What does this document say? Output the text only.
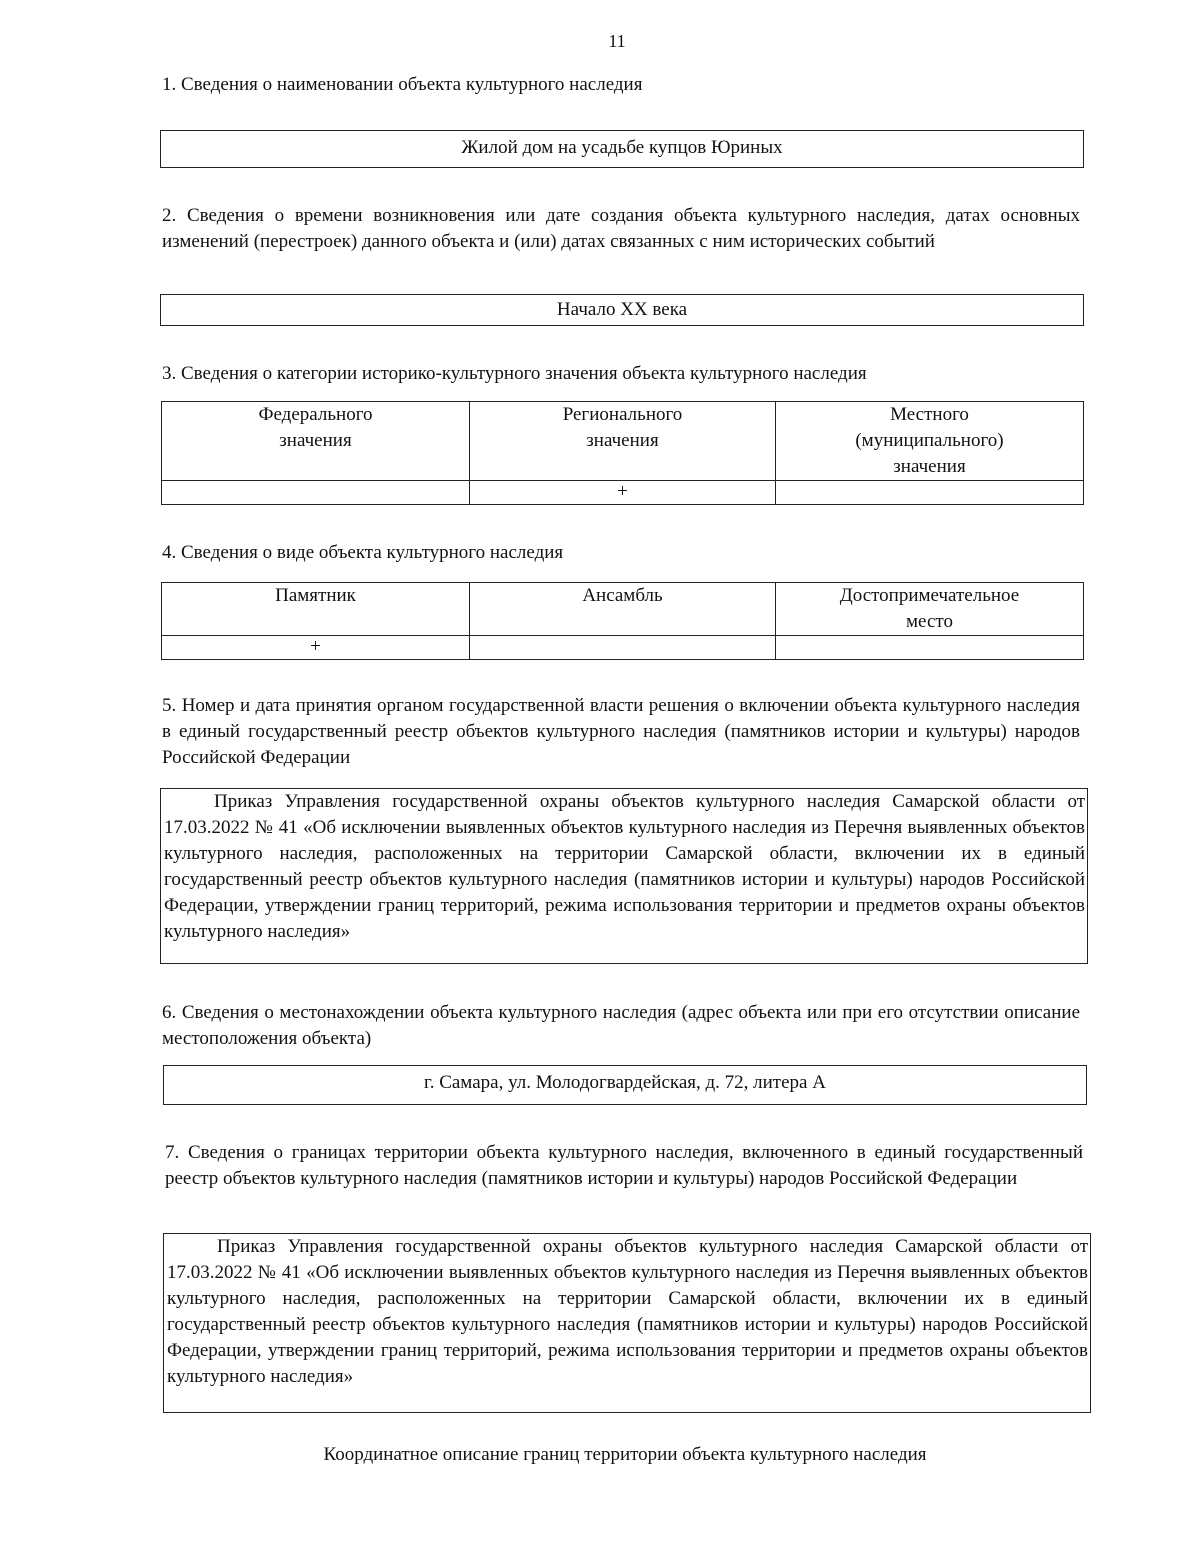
11
1. Сведения о наименовании объекта культурного наследия
Жилой дом на усадьбе купцов Юриных
2. Сведения о времени возникновения или дате создания объекта культурного наследия, датах основных изменений (перестроек) данного объекта и (или) датах связанных с ним исторических событий
Начало XX века
3. Сведения о категории историко-культурного значения объекта культурного наследия
Федерального значения	Регионального значения	Местного (муниципального) значения

	+	
4. Сведения о виде объекта культурного наследия
Памятник	Ансамбль	Достопримечательное место

+		
5. Номер и дата принятия органом государственной власти решения о включении объекта культурного наследия в единый государственный реестр объектов культурного наследия (памятников истории и культуры) народов Российской Федерации

Приказ Управления государственной охраны объектов культурного наследия Самарской области от 17.03.2022 № 41 «Об исключении выявленных объектов культурного наследия из Перечня выявленных объектов культурного наследия, расположенных на территории Самарской области, включении их в единый государственный реестр объектов культурного наследия (памятников истории и культуры) народов Российской Федерации, утверждении границ территорий, режима использования территории и предметов охраны объектов культурного наследия»

6. Сведения о местонахождении объекта культурного наследия (адрес объекта или при его отсутствии описание местоположения объекта)
г. Самара, ул. Молодогвардейская, д. 72, литера А
7. Сведения о границах территории объекта культурного наследия, включенного в единый государственный реестр объектов культурного наследия (памятников истории и культуры) народов Российской Федерации

Приказ Управления государственной охраны объектов культурного наследия Самарской области от 17.03.2022 № 41 «Об исключении выявленных объектов культурного наследия из Перечня выявленных объектов культурного наследия, расположенных на территории Самарской области, включении их в единый государственный реестр объектов культурного наследия (памятников истории и культуры) народов Российской Федерации, утверждении границ территорий, режима использования территории и предметов охраны объектов культурного наследия»

Координатное описание границ территории объекта культурного наследия
